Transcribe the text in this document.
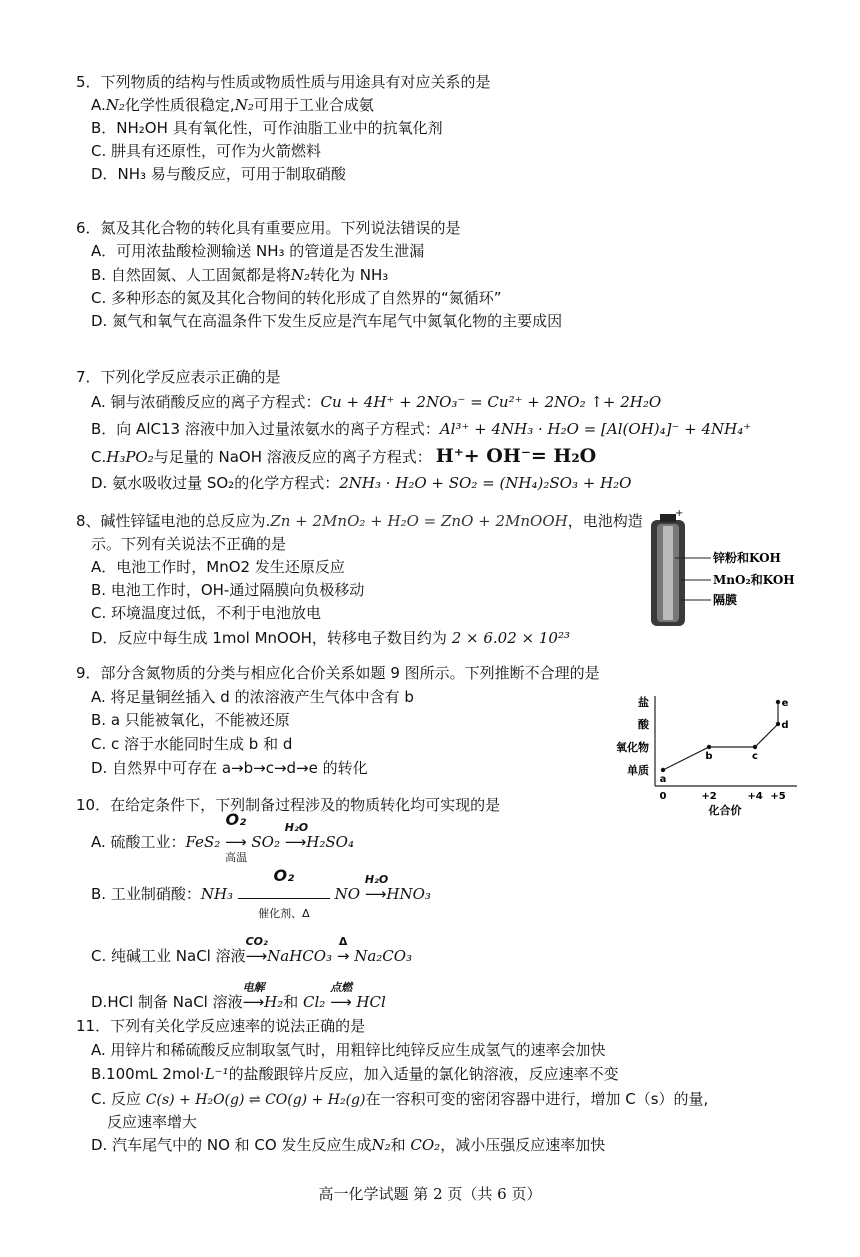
5．下列物质的结构与性质或物质性质与用途具有对应关系的是
A.N₂化学性质很稳定,N₂可用于工业合成氨
B．NH₂OH 具有氧化性，可作油脂工业中的抗氧化剂
C. 肼具有还原性，可作为火箭燃料
D．NH₃ 易与酸反应，可用于制取硝酸
6．氮及其化合物的转化具有重要应用。下列说法错误的是
A．可用浓盐酸检测输送 NH₃ 的管道是否发生泄漏
B. 自然固氮、人工固氮都是将N₂转化为 NH₃
C. 多种形态的氮及其化合物间的转化形成了自然界的“氮循环”
D. 氮气和氧气在高温条件下发生反应是汽车尾气中氮氧化物的主要成因
7．下列化学反应表示正确的是
A. 铜与浓硝酸反应的离子方程式：Cu + 4H⁺ + 2NO₃⁻ = Cu²⁺ + 2NO₂ ↑+ 2H₂O
B．向 AlC13 溶液中加入过量浓氨水的离子方程式：Al³⁺ + 4NH₃ · H₂O = [Al(OH)₄]⁻ + 4NH₄⁺
C.H₃PO₂与足量的 NaOH 溶液反应的离子方程式： H⁺+ OH⁻= H₂O
D. 氨水吸收过量 SO₂的化学方程式：2NH₃ · H₂O + SO₂ = (NH₄)₂SO₃ + H₂O
8、碱性锌锰电池的总反应为.Zn + 2MnO₂ + H₂O = ZnO + 2MnOOH，电池构造
示。下列有关说法不正确的是
A．电池工作时，MnO2 发生还原反应
B. 电池工作时，OH-通过隔膜向负极移动
C. 环境温度过低，不利于电池放电
D．反应中每生成 1mol MnOOH，转移电子数目约为 2 × 6.02 × 10²³
+
锌粉和KOH
MnO₂和KOH
隔膜
9．部分含氮物质的分类与相应化合价关系如题 9 图所示。下列推断不合理的是
A. 将足量铜丝插入 d 的浓溶液产生气体中含有 b
B. a 只能被氧化，不能被还原
C. c 溶于水能同时生成 b 和 d
D. 自然界中可存在 a→b→c→d→e 的转化	单质
氧化物
酸
盐
0	+2	+4 +5
a
b	c
d
e
化合价
10．在给定条件下，下列制备过程涉及的物质转化均可实现的是
A. 硫酸工业：FeS₂
O₂
⟶
高温
SO₂
H₂O
⟶H₂SO₄
B. 工业制硝酸：NH₃
O₂
催化剂、Δ
NO
H₂O
⟶HNO₃
C. 纯碱工业 NaCl 溶液
CO₂
⟶NaHCO₃
Δ
→ Na₂CO₃
D.HCl 制备 NaCl 溶液
电解
⟶H₂和 Cl₂
点燃
⟶ HCl
11．下列有关化学反应速率的说法正确的是
A. 用锌片和稀硫酸反应制取氢气时，用粗锌比纯锌反应生成氢气的速率会加快
B.100mL 2mol·L⁻¹的盐酸跟锌片反应，加入适量的氯化钠溶液，反应速率不变
C. 反应 C(s) + H₂O(g) ⇌ CO(g) + H₂(g)在一容积可变的密闭容器中进行，增加 C（s）的量,
反应速率增大
D. 汽车尾气中的 NO 和 CO 发生反应生成N₂和 CO₂，减小压强反应速率加快
高一化学试题 第 2 页（共 6 页）
